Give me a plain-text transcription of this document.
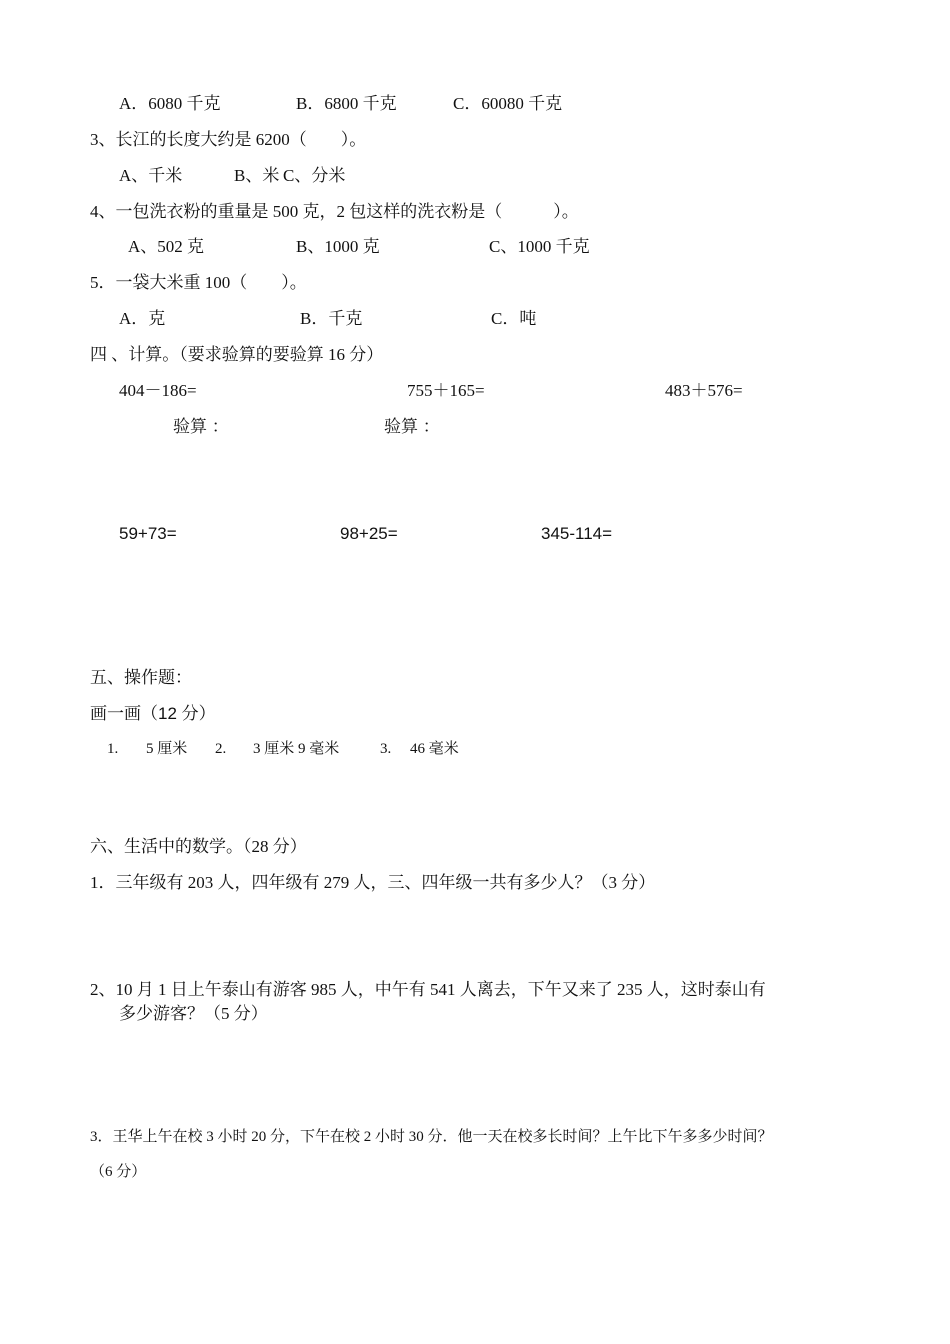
A．6080 千克	B．6800 千克	C．60080 千克
3、长江的长度大约是 6200（　　）。
A、千米	B、米 C、分米
4、一包洗衣粉的重量是 500 克，2 包这样的洗衣粉是（　　　）。
A、502 克	B、1000 克	C、1000 千克
5．一袋大米重 100（　　）。
A．克	B．千克	C．吨
四 、计算。（要求验算的要验算 16 分）
404－186=	755＋165=	483＋576=
验算 ：	验算 ：
59+73=	98+25=	345-114=
五、操作题：
画一画（12 分）
1. 5 厘米 2. 3 厘米 9 毫米	3. 46 毫米
六、生活中的数学。（28 分）
1．三年级有 203 人，四年级有 279 人，三、四年级一共有多少人？（3 分）
2、10 月 1 日上午泰山有游客 985 人，中午有 541 人离去，下午又来了 235 人，这时泰山有
多少游客？（5 分）
3．王华上午在校 3 小时 20 分，下午在校 2 小时 30 分．他一天在校多长时间？上午比下午多多少时间？
（6 分）
